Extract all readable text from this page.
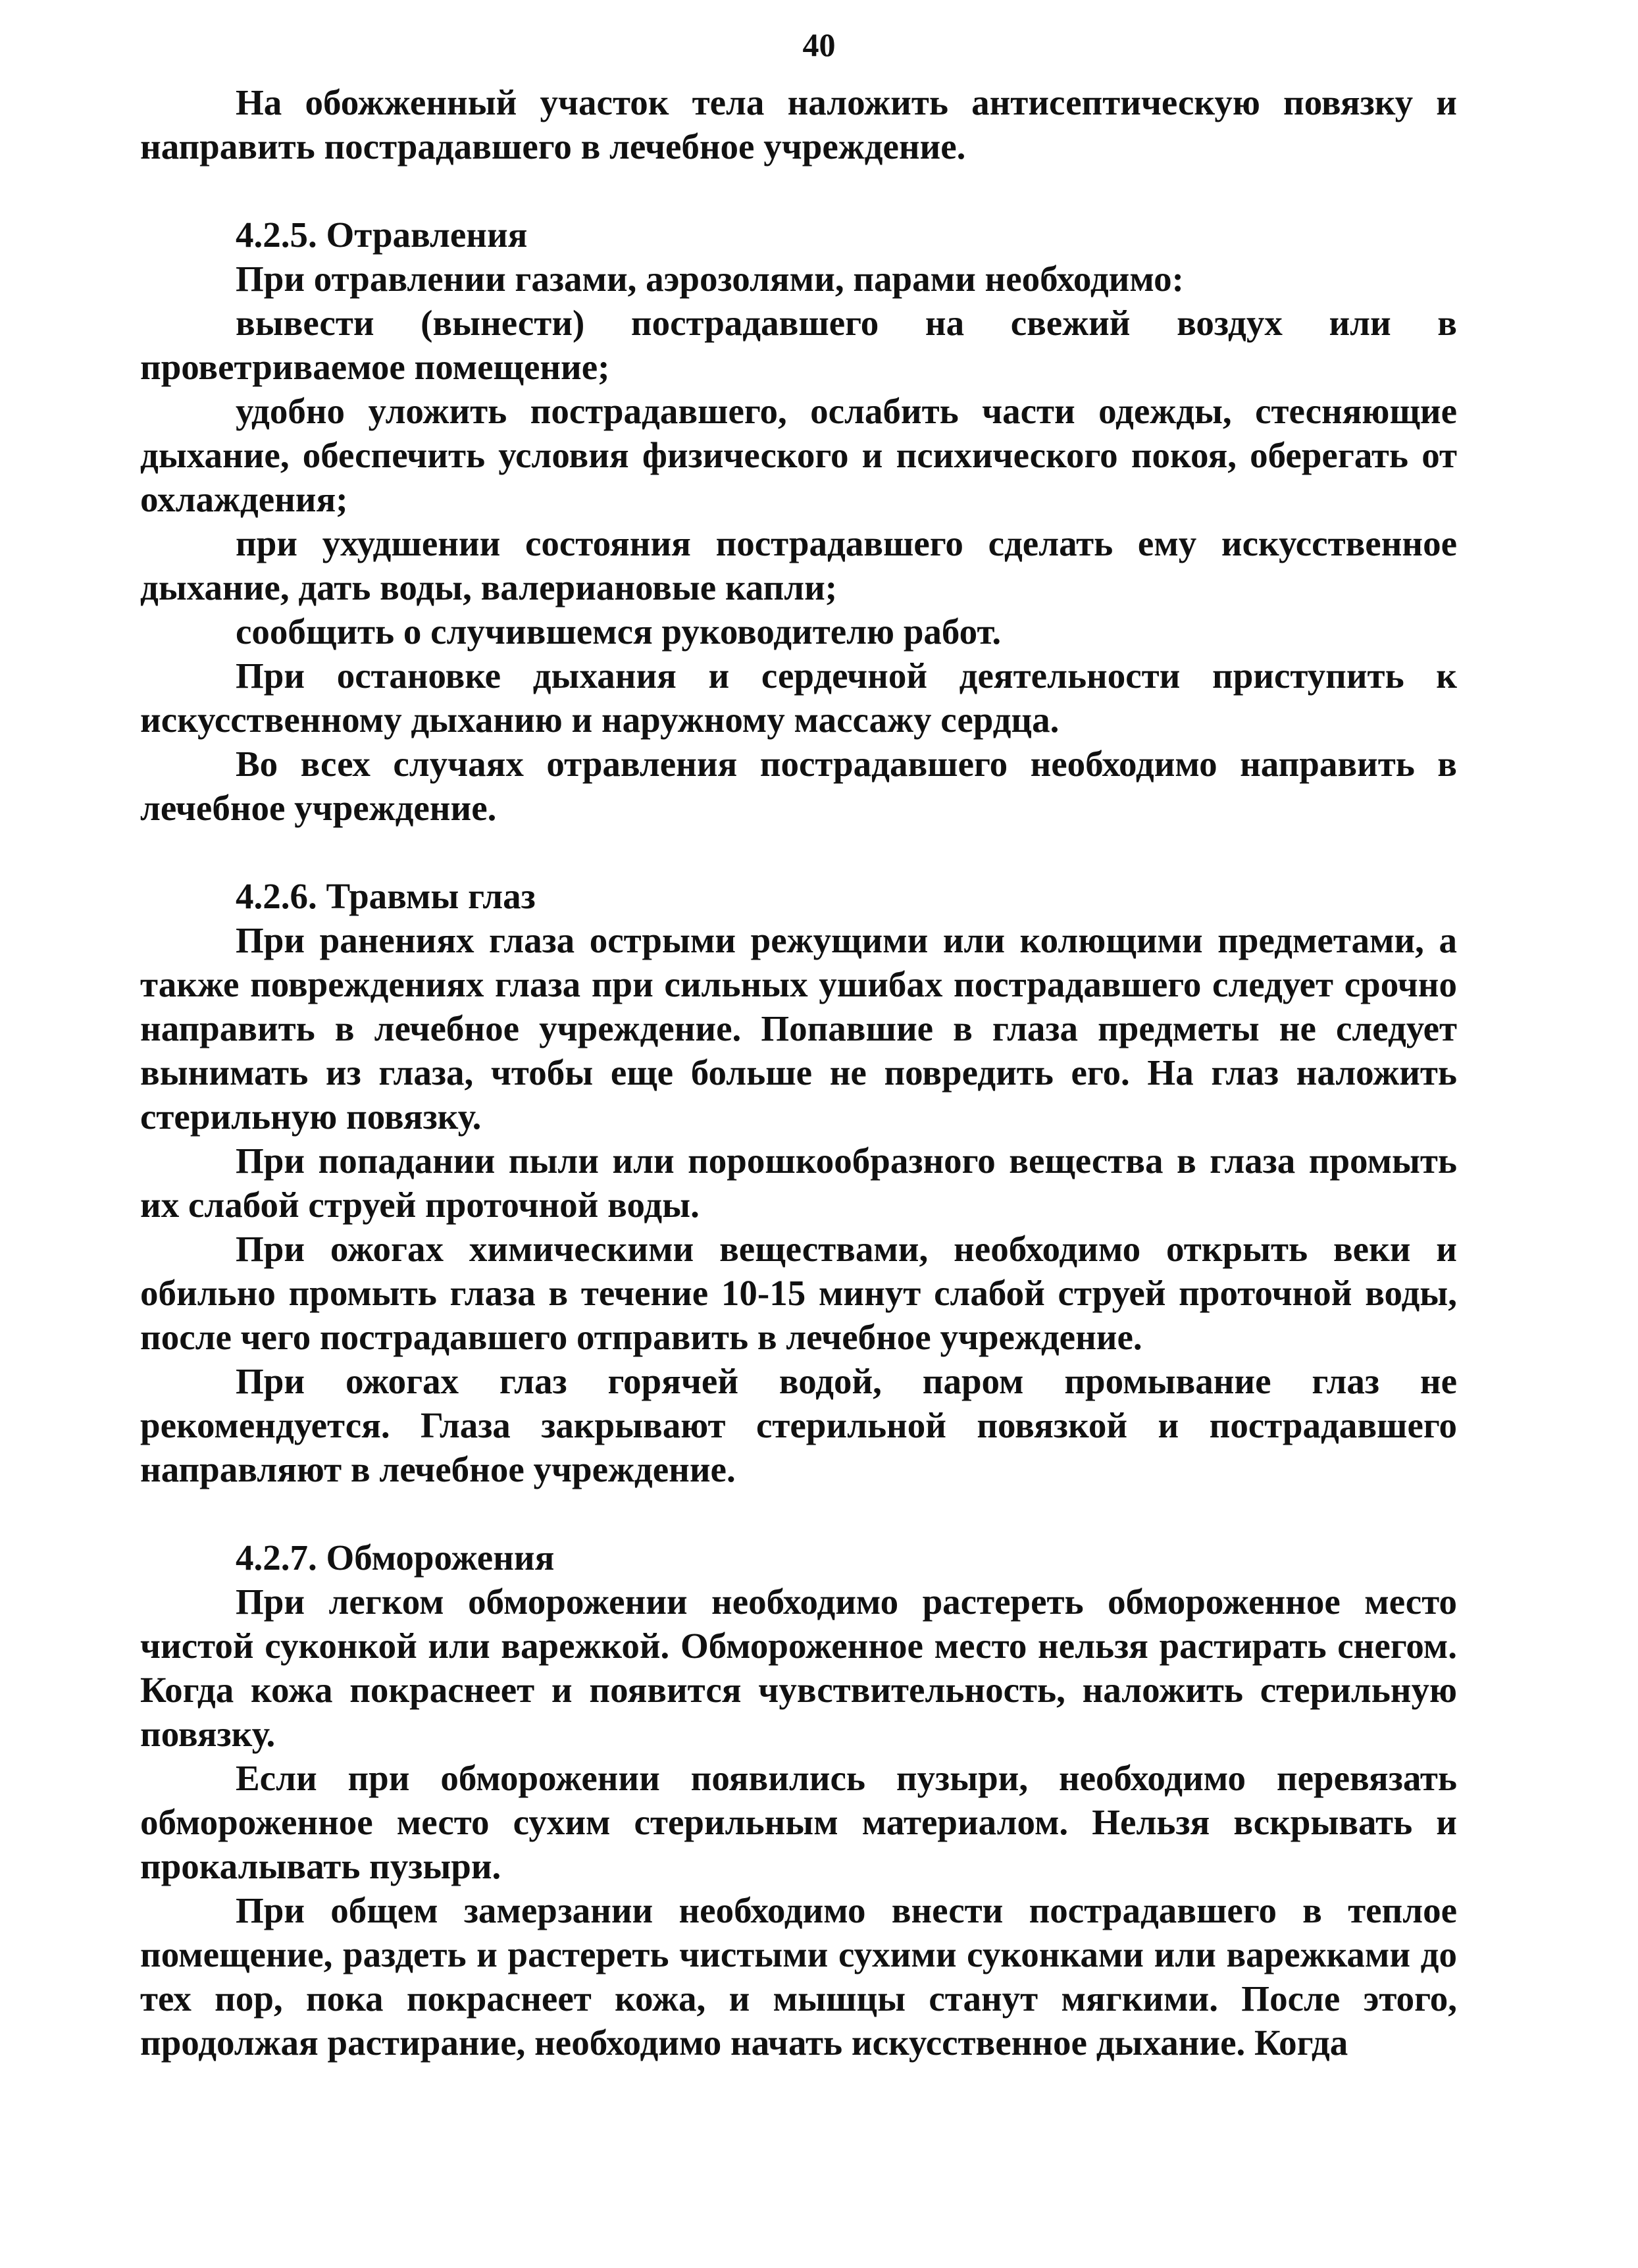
40

На обожженный участок тела наложить антисептическую повязку и направить пострадавшего в лечебное учреждение.

4.2.5. Отравления

При отравлении газами, аэрозолями, парами необходимо:

вывести (вынести) пострадавшего на свежий воздух или в проветриваемое помещение;

удобно уложить пострадавшего, ослабить части одежды, стесняющие дыхание, обеспечить условия физического и психического покоя, оберегать от охлаждения;

при ухудшении состояния пострадавшего сделать ему искусственное дыхание, дать воды, валериановые капли;

сообщить о случившемся руководителю работ.

При остановке дыхания и сердечной деятельности приступить к искусственному дыханию и наружному массажу сердца.

Во всех случаях отравления пострадавшего необходимо направить в лечебное учреждение.

4.2.6. Травмы глаз

При ранениях глаза острыми режущими или колющими предметами, а также повреждениях глаза при сильных ушибах пострадавшего следует срочно направить в лечебное учреждение. Попавшие в глаза предметы не следует вынимать из глаза, чтобы еще больше не повредить его. На глаз наложить стерильную повязку.

При попадании пыли или порошкообразного вещества в глаза промыть их слабой струей проточной воды.

При ожогах химическими веществами, необходимо открыть веки и обильно промыть глаза в течение 10-15 минут слабой струей проточной воды, после чего пострадавшего отправить в лечебное учреждение.

При ожогах глаз горячей водой, паром промывание глаз не рекомендуется. Глаза закрывают стерильной повязкой и пострадавшего направляют в лечебное учреждение.

4.2.7. Обморожения

При легком обморожении необходимо растереть обмороженное место чистой суконкой или варежкой. Обмороженное место нельзя растирать снегом. Когда кожа покраснеет и появится чувствительность, наложить стерильную повязку.

Если при обморожении появились пузыри, необходимо перевязать обмороженное место сухим стерильным материалом. Нельзя вскрывать и прокалывать пузыри.

При общем замерзании необходимо внести пострадавшего в теплое помещение, раздеть и растереть чистыми сухими суконками или варежками до тех пор, пока покраснеет кожа, и мышцы станут мягкими. После этого, продолжая растирание, необходимо начать искусственное дыхание. Когда
